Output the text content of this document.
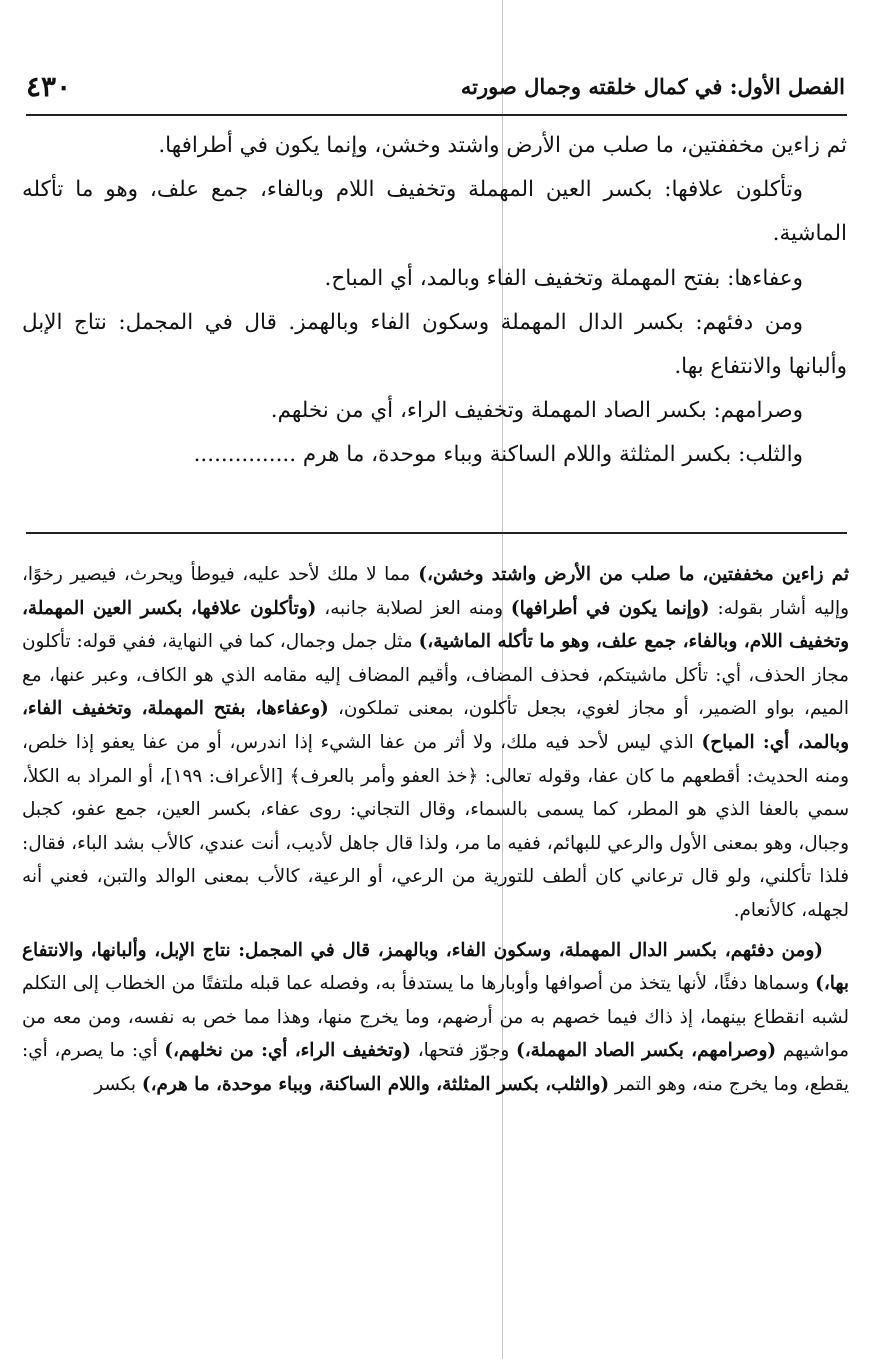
الفصل الأول: في كمال خلقته وجمال صورته
٤٣٠

ثم زاءين مخففتين، ما صلب من الأرض واشتد وخشن، وإنما يكون في أطرافها.

وتأكلون علافها: بكسر العين المهملة وتخفيف اللام وبالفاء، جمع علف، وهو ما تأكله الماشية.

وعفاءها: بفتح المهملة وتخفيف الفاء وبالمد، أي المباح.

ومن دفئهم: بكسر الدال المهملة وسكون الفاء وبالهمز. قال في المجمل: نتاج الإبل وألبانها والانتفاع بها.

وصرامهم: بكسر الصاد المهملة وتخفيف الراء، أي من نخلهم.

والثلب: بكسر المثلثة واللام الساكنة وبباء موحدة، ما هرم ...............

ثم زاءين مخففتين، ما صلب من الأرض واشتد وخشن،) مما لا ملك لأحد عليه، فيوطأ ويحرث، فيصير رخوًا، وإليه أشار بقوله: (وإنما يكون في أطرافها) ومنه العز لصلابة جانبه، (وتأكلون علافها، بكسر العين المهملة، وتخفيف اللام، وبالفاء، جمع علف، وهو ما تأكله الماشية،) مثل جمل وجمال، كما في النهاية، ففي قوله: تأكلون مجاز الحذف، أي: تأكل ماشيتكم، فحذف المضاف، وأقيم المضاف إليه مقامه الذي هو الكاف، وعبر عنها، مع الميم، بواو الضمير، أو مجاز لغوي، بجعل تأكلون، بمعنى تملكون، (وعفاءها، بفتح المهملة، وتخفيف الفاء، وبالمد، أي: المباح) الذي ليس لأحد فيه ملك، ولا أثر من عفا الشيء إذا اندرس، أو من عفا يعفو إذا خلص، ومنه الحديث: أقطعهم ما كان عفا، وقوله تعالى: ﴿خذ العفو وأمر بالعرف﴾ [الأعراف: ١٩٩]، أو المراد به الكلأ، سمي بالعفا الذي هو المطر، كما يسمى بالسماء، وقال التجاني: روى عفاء، بكسر العين، جمع عفو، كجبل وجبال، وهو بمعنى الأول والرعي للبهائم، ففيه ما مر، ولذا قال جاهل لأديب، أنت عندي، كالأب بشد الباء، فقال: فلذا تأكلني، ولو قال ترعاني كان ألطف للتورية من الرعي، أو الرعية، كالأب بمعنى الوالد والتبن، فعني أنه لجهله، كالأنعام.

(ومن دفئهم، بكسر الدال المهملة، وسكون الفاء، وبالهمز، قال في المجمل: نتاج الإبل، وألبانها، والانتفاع بها،) وسماها دفئًا، لأنها يتخذ من أصوافها وأوبارها ما يستدفأ به، وفصله عما قبله ملتفتًا من الخطاب إلى التكلم لشبه انقطاع بينهما، إذ ذاك فيما خصهم به من أرضهم، وما يخرج منها، وهذا مما خص به نفسه، ومن معه من مواشيهم (وصرامهم، بكسر الصاد المهملة،) وجوّز فتحها، (وتخفيف الراء، أي: من نخلهم،) أي: ما يصرم، أي: يقطع، وما يخرج منه، وهو التمر (والثلب، بكسر المثلثة، واللام الساكنة، وبباء موحدة، ما هرم،) بكسر
